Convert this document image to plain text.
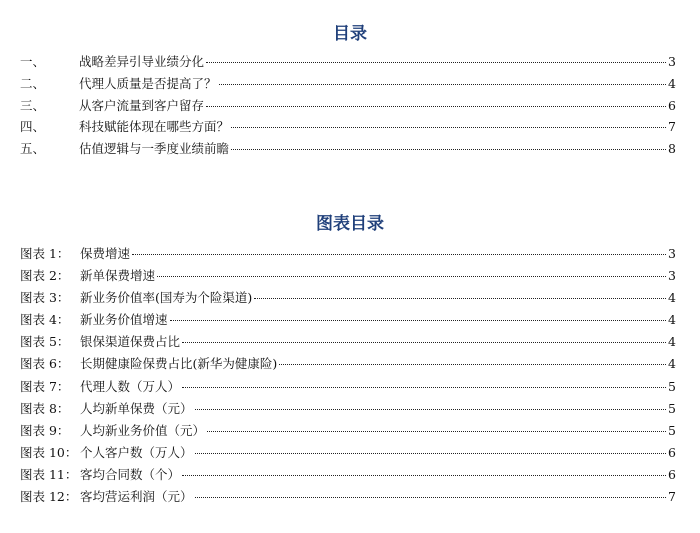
目录
一、	战略差异引导业绩分化	3
二、	代理人质量是否提高了？	4
三、	从客户流量到客户留存	6
四、	科技赋能体现在哪些方面？	7
五、	估值逻辑与一季度业绩前瞻	8
图表目录
图表 1： 保费增速	3
图表 2： 新单保费增速	3
图表 3： 新业务价值率(国寿为个险渠道)	4
图表 4： 新业务价值增速	4
图表 5： 银保渠道保费占比	4
图表 6： 长期健康险保费占比(新华为健康险)	4
图表 7： 代理人数（万人）	5
图表 8： 人均新单保费（元）	5
图表 9： 人均新业务价值（元）	5
图表 10： 个人客户数（万人）	6
图表 11： 客均合同数（个）	6
图表 12： 客均营运利润（元）	7
